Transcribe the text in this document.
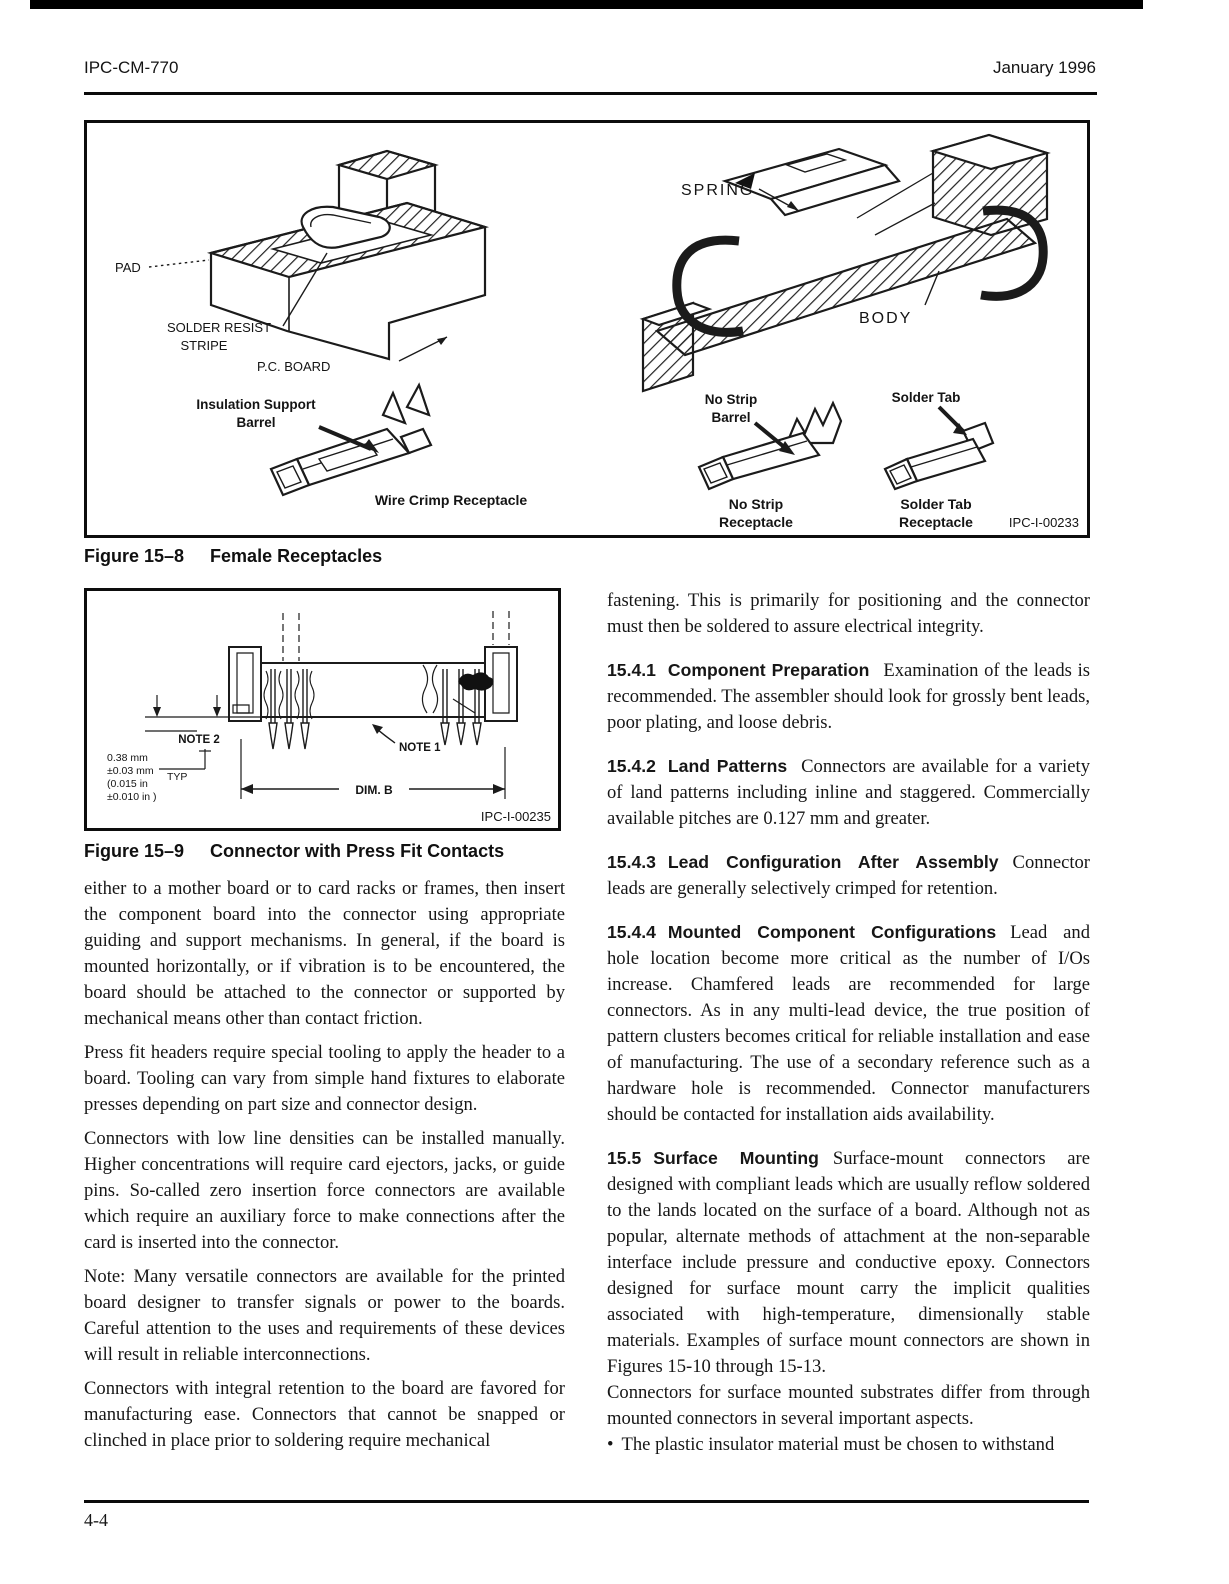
IPC-CM-770	January 1996
PAD
SOLDER RESIST
STRIPE
P.C. BOARD
Insulation Support
Barrel
Wire Crimp Receptacle
SPRING
BODY
No Strip
Barrel
No Strip
Receptacle
Solder Tab
Solder Tab
Receptacle	IPC-I-00233
Figure 15–8 Female Receptacles
NOTE 2
NOTE 1
0.38 mm
±0.03 mm
(0.015 in
±0.010 in )
TYP
DIM. B
IPC-I-00235
Figure 15–9 Connector with Press Fit Contacts

either to a mother board or to card racks or frames, then insert the component board into the connector using appropriate guiding and support mechanisms. In general, if the board is mounted horizontally, or if vibration is to be encountered, the board should be attached to the connector or supported by mechanical means other than contact friction.

Press fit headers require special tooling to apply the header to a board. Tooling can vary from simple hand fixtures to elaborate presses depending on part size and connector design.

Connectors with low line densities can be installed manually. Higher concentrations will require card ejectors, jacks, or guide pins. So-called zero insertion force connectors are available which require an auxiliary force to make connections after the card is inserted into the connector.

Note: Many versatile connectors are available for the printed board designer to transfer signals or power to the boards. Careful attention to the uses and requirements of these devices will result in reliable interconnections.

Connectors with integral retention to the board are favored for manufacturing ease. Connectors that cannot be snapped or clinched in place prior to soldering require mechanical

fastening. This is primarily for positioning and the connector must then be soldered to assure electrical integrity.

15.4.1 Component Preparation Examination of the leads is recommended. The assembler should look for grossly bent leads, poor plating, and loose debris.

15.4.2 Land Patterns Connectors are available for a variety of land patterns including inline and staggered. Commercially available pitches are 0.127 mm and greater.

15.4.3 Lead Configuration After Assembly Connector leads are generally selectively crimped for retention.

15.4.4 Mounted Component Configurations Lead and hole location become more critical as the number of I/Os increase. Chamfered leads are recommended for large connectors. As in any multi-lead device, the true position of pattern clusters becomes critical for reliable installation and ease of manufacturing. The use of a secondary reference such as a hardware hole is recommended. Connector manufacturers should be contacted for installation aids availability.

15.5 Surface Mounting Surface-mount connectors are designed with compliant leads which are usually reflow soldered to the lands located on the surface of a board. Although not as popular, alternate methods of attachment at the non-separable interface include pressure and conductive epoxy. Connectors designed for surface mount carry the implicit qualities associated with high-temperature, dimensionally stable materials. Examples of surface mount connectors are shown in Figures 15-10 through 15-13.

Connectors for surface mounted substrates differ from through mounted connectors in several important aspects.

• The plastic insulator material must be chosen to withstand

4-4
